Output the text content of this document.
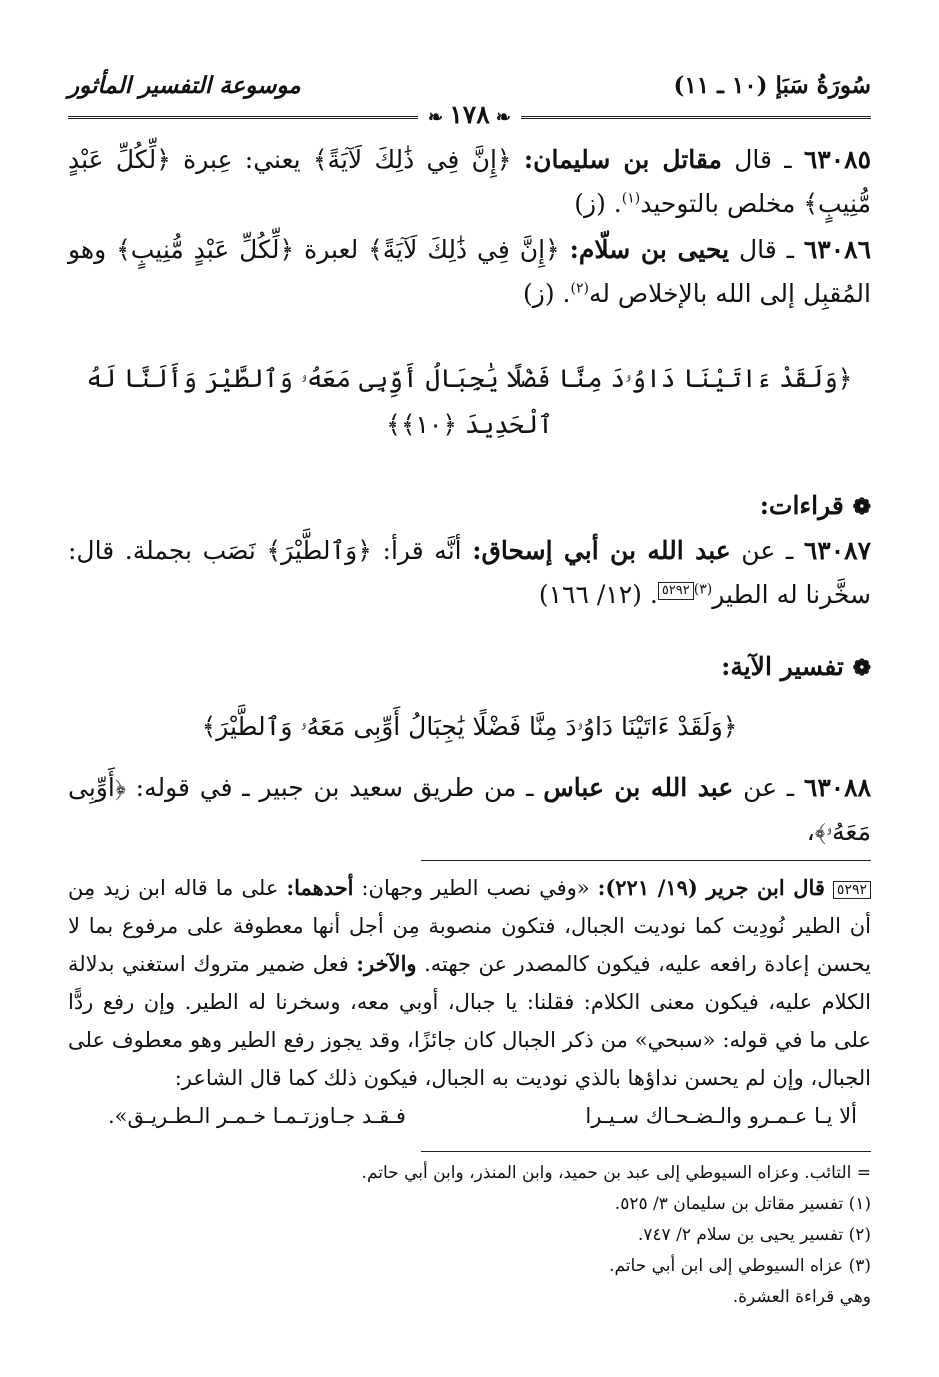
سُورَةُ سَبَإ (١٠ ـ ١١)
موسوعة التفسير المأثور
❧ ١٧٨ ❧

٦٣٠٨٥ ـ قال مقاتل بن سليمان: ﴿إِنَّ فِي ذَٰلِكَ لَآيَةً﴾ يعني: عِبرة ﴿لِّكُلِّ عَبْدٍ مُّنِيبٍ﴾ مخلص بالتوحيد$^{(١)}$. (ز)

٦٣٠٨٦ ـ قال يحيى بن سلّام: ﴿إِنَّ فِي ذَٰلِكَ لَآيَةً﴾ لعبرة ﴿لِّكُلِّ عَبْدٍ مُّنِيبٍ﴾ وهو المُقبِل إلى الله بالإخلاص له$^{(٢)}$. (ز)

﴿وَلَقَدْ ءَاتَيْنَا دَاوُۥدَ مِنَّا فَضْلًا يَٰجِبَالُ أَوِّبِى مَعَهُۥ وَٱلطَّيْرَ وَأَلَنَّا لَهُ ٱلْحَدِيدَ ﴿١٠﴾﴾

❁ قراءات:

٦٣٠٨٧ ـ عن عبد الله بن أبي إسحاق: أنَّه قرأ: ﴿وَٱلطَّيْرَ﴾ نَصَب بجملة. قال: سخَّرنا له الطير$^{(٣)}$٥٢٩٢. (١٢/ ١٦٦)

❁ تفسير الآية:

﴿وَلَقَدْ ءَاتَيْنَا دَاوُۥدَ مِنَّا فَضْلًا يَٰجِبَالُ أَوِّبِى مَعَهُۥ وَٱلطَّيْرَ﴾

٦٣٠٨٨ ـ عن عبد الله بن عباس ـ من طريق سعيد بن جبير ـ في قوله: ﴿أَوِّبِى مَعَهُۥ﴾،

٥٢٩٢ قال ابن جرير (١٩/ ٢٢١): «وفي نصب الطير وجهان: أحدهما: على ما قاله ابن زيد مِن أن الطير نُودِيت كما نوديت الجبال، فتكون منصوبة مِن أجل أنها معطوفة على مرفوع بما لا يحسن إعادة رافعه عليه، فيكون كالمصدر عن جهته. والآخر: فعل ضمير متروك استغني بدلالة الكلام عليه، فيكون معنى الكلام: فقلنا: يا جبال، أوبي معه، وسخرنا له الطير. وإن رفع ردًّا على ما في قوله: «سبحي» من ذكر الجبال كان جائزًا، وقد يجوز رفع الطير وهو معطوف على الجبال، وإن لم يحسن نداؤها بالذي نوديت به الجبال، فيكون ذلك كما قال الشاعر:

ألا يـا عـمـرو والـضـحـاك سـيـرا
فـقـد جـاوزتـمـا خـمـر الـطـريـق».

= التائب. وعزاه السيوطي إلى عبد بن حميد، وابن المنذر، وابن أبي حاتم.

(١) تفسير مقاتل بن سليمان ٣/ ٥٢٥.

(٢) تفسير يحيى بن سلام ٢/ ٧٤٧.

(٣) عزاه السيوطي إلى ابن أبي حاتم.

وهي قراءة العشرة.
